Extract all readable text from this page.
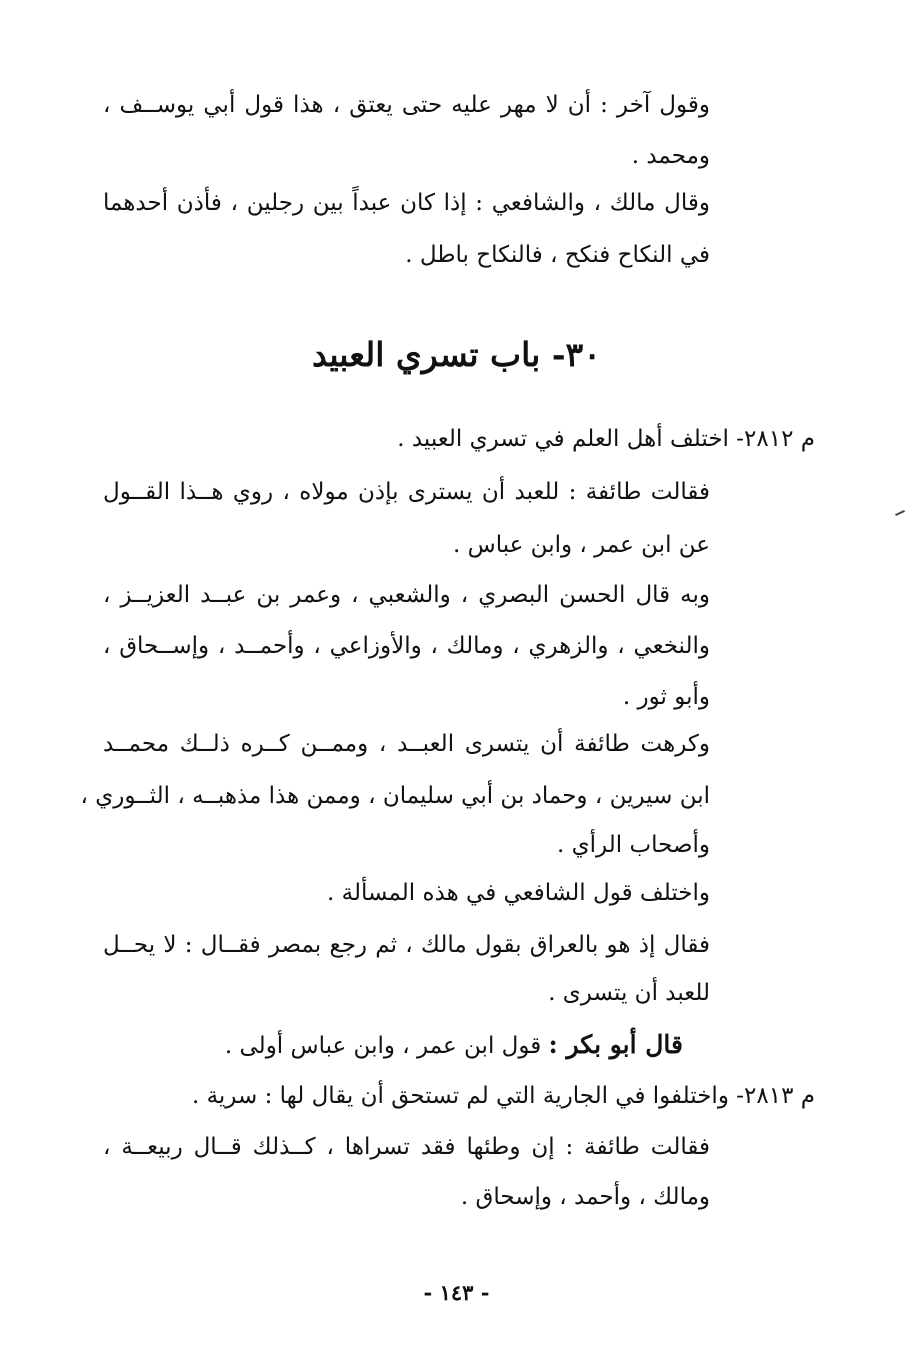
وقول آخر : أن لا مهر عليه حتى يعتق ، هذا قول أبي يوســف ،

ومحمد .

وقال مالك ، والشافعي : إذا كان عبداً بين رجلين ، فأذن أحدهما

في النكاح فنكح ، فالنكاح باطل .

٣٠- باب تسري العبيد

م ٢٨١٢- اختلف أهل العلم في تسري العبيد .

فقالت طائفة : للعبد أن يسترى بإذن مولاه ، روي هــذا القــول

عن ابن عمر ، وابن عباس .

وبه قال الحسن البصري ، والشعبي ، وعمر بن عبــد العزيــز ،

والنخعي ، والزهري ، ومالك ، والأوزاعي ، وأحمــد ، وإســحاق ،

وأبو ثور .

وكرهت طائفة أن يتسرى العبــد ، وممــن كــره ذلــك محمــد

ابن سيرين ، وحماد بن أبي سليمان ، وممن هذا مذهبــه ، الثــوري ،

وأصحاب الرأي .

واختلف قول الشافعي في هذه المسألة .

فقال إذ هو بالعراق بقول مالك ، ثم رجع بمصر فقــال : لا يحــل

للعبد أن يتسرى .

قال أبو بكر : قول ابن عمر ، وابن عباس أولى .

م ٢٨١٣- واختلفوا في الجارية التي لم تستحق أن يقال لها : سرية .

فقالت طائفة : إن وطئها فقد تسراها ، كــذلك قــال ربيعــة ،

ومالك ، وأحمد ، وإسحاق .

- ١٤٣ -
